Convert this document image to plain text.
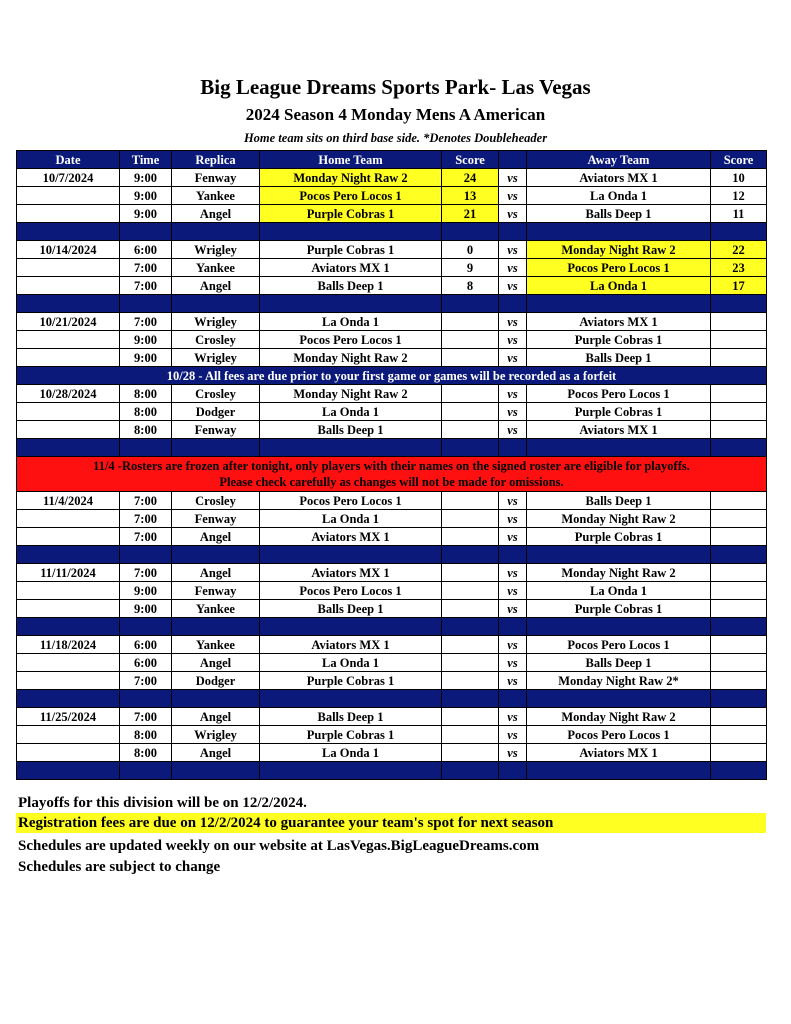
Big League Dreams Sports Park- Las Vegas
2024 Season 4 Monday Mens A American
Home team sits on third base side. *Denotes Doubleheader
Date	Time	Replica	Home Team	Score		Away Team	Score
10/7/2024	9:00	Fenway	Monday Night Raw 2	24	vs	Aviators MX 1	10
	9:00	Yankee	Pocos Pero Locos 1	13	vs	La Onda 1	12
	9:00	Angel	Purple Cobras 1	21	vs	Balls Deep 1	11

10/14/2024	6:00	Wrigley	Purple Cobras 1	0	vs	Monday Night Raw 2	22
	7:00	Yankee	Aviators MX 1	9	vs	Pocos Pero Locos 1	23
	7:00	Angel	Balls Deep 1	8	vs	La Onda 1	17

10/21/2024	7:00	Wrigley	La Onda 1		vs	Aviators MX 1	
	9:00	Crosley	Pocos Pero Locos 1		vs	Purple Cobras 1	
	9:00	Wrigley	Monday Night Raw 2		vs	Balls Deep 1	
10/28 - All fees are due prior to your first game or games will be recorded as a forfeit							
10/28/2024	8:00	Crosley	Monday Night Raw 2		vs	Pocos Pero Locos 1	
	8:00	Dodger	La Onda 1		vs	Purple Cobras 1	
	8:00	Fenway	Balls Deep 1		vs	Aviators MX 1	

11/4 -Rosters are frozen after tonight, only players with their names on the signed roster are eligible for playoffs.
Please check carefully as changes will not be made for omissions.							

11/4/2024	7:00	Crosley	Pocos Pero Locos 1		vs	Balls Deep 1	
	7:00	Fenway	La Onda 1		vs	Monday Night Raw 2	
	7:00	Angel	Aviators MX 1		vs	Purple Cobras 1	

11/11/2024	7:00	Angel	Aviators MX 1		vs	Monday Night Raw 2	
	9:00	Fenway	Pocos Pero Locos 1		vs	La Onda 1	
	9:00	Yankee	Balls Deep 1		vs	Purple Cobras 1	

11/18/2024	6:00	Yankee	Aviators MX 1		vs	Pocos Pero Locos 1	
	6:00	Angel	La Onda 1		vs	Balls Deep 1	
	7:00	Dodger	Purple Cobras 1		vs	Monday Night Raw 2*	

11/25/2024	7:00	Angel	Balls Deep 1		vs	Monday Night Raw 2	
	8:00	Wrigley	Purple Cobras 1		vs	Pocos Pero Locos 1	
	8:00	Angel	La Onda 1		vs	Aviators MX 1	

Playoffs for this division will be on 12/2/2024.
Registration fees are due on 12/2/2024 to guarantee your team's spot for next season
Schedules are updated weekly on our website at LasVegas.BigLeagueDreams.com
Schedules are subject to change
